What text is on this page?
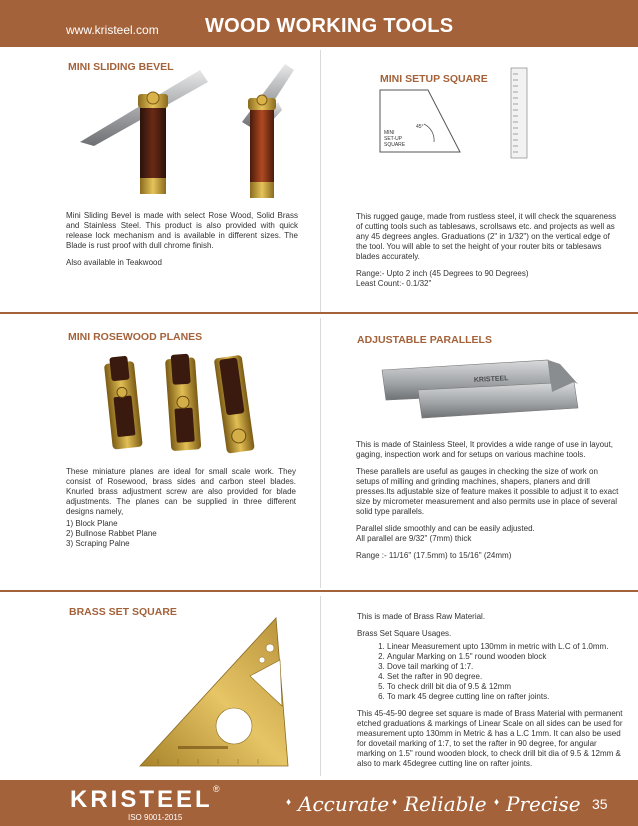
www.kristeel.com WOOD WORKING TOOLS
MINI SLIDING BEVEL

Mini Sliding Bevel is made with select Rose Wood, Solid Brass and Stainless Steel. This product is also provided with quick release lock mechanism and is available in different sizes. The Blade is rust proof with dull chrome finish.

Also available in Teakwood

MINI SETUP SQUARE
MINI
SET-UP
SQUARE
45°

This rugged gauge, made from rustless steel, it will check the squareness of cutting tools such as tablesaws, scrollsaws etc. and projects as well as any 45 degrees angles. Graduations (2" in 1/32") on the vertical edge of the tool. You will able to set the height of your router bits or tablesaws blades accurately.

Range:- Upto 2 inch (45 Degrees to 90 Degrees)
Least Count:- 0.1/32"
MINI ROSEWOOD PLANES
These miniature planes are ideal for small scale work. They consist of Rosewood, brass sides and carbon steel blades. Knurled brass adjustment screw are also provided for blade adjustments. The planes can be supplied in three different designs namely,
1) Block Plane
2) Bullnose Rabbet Plane
3) Scraping Palne
ADJUSTABLE PARALLELS
KRISTEEL

This is made of Stainless Steel, It provides a wide range of use in layout, gaging, inspection work and for setups on various machine tools.

These parallels are useful as gauges in checking the size of work on setups of milling and grinding machines, shapers, planers and drill presses.Its adjustable size of feature makes it possible to adjust it to exact size by micrometer measurement and also permits use in place of several solid type parallels.

Parallel slide smoothly and can be easily adjusted.

All parallel are 9/32" (7mm) thick

Range :- 11/16" (17.5mm) to 15/16" (24mm)
BRASS SET SQUARE	This is made of Brass Raw Material.

Brass Set Square Usages.
1. Linear Measurement upto 130mm in metric with L.C of 1.0mm.
2. Angular Marking on 1.5" round wooden block
3. Dove tail marking of 1:7.
4. Set the rafter in 90 degree.
5. To check drill bit dia of 9.5 & 12mm
6. To mark 45 degree cutting line on rafter joints.
This 45-45-90 degree set square is made of Brass Material with permanent etched graduations & markings of Linear Scale on all sides can be used for measurement upto 130mm in Metric & has a L.C 1mm. It can also be used for dovetail marking of 1:7, to set the rafter in 90 degree, for angular marking on 1.5" round wooden block, to check drill bit dia of 9.5 & 12mm & also to mark 45degree cutting line on rafter joints.
KRISTEEL ®
ISO 9001-2015
♦ Accurate ♦ Reliable ♦ Precise 35
